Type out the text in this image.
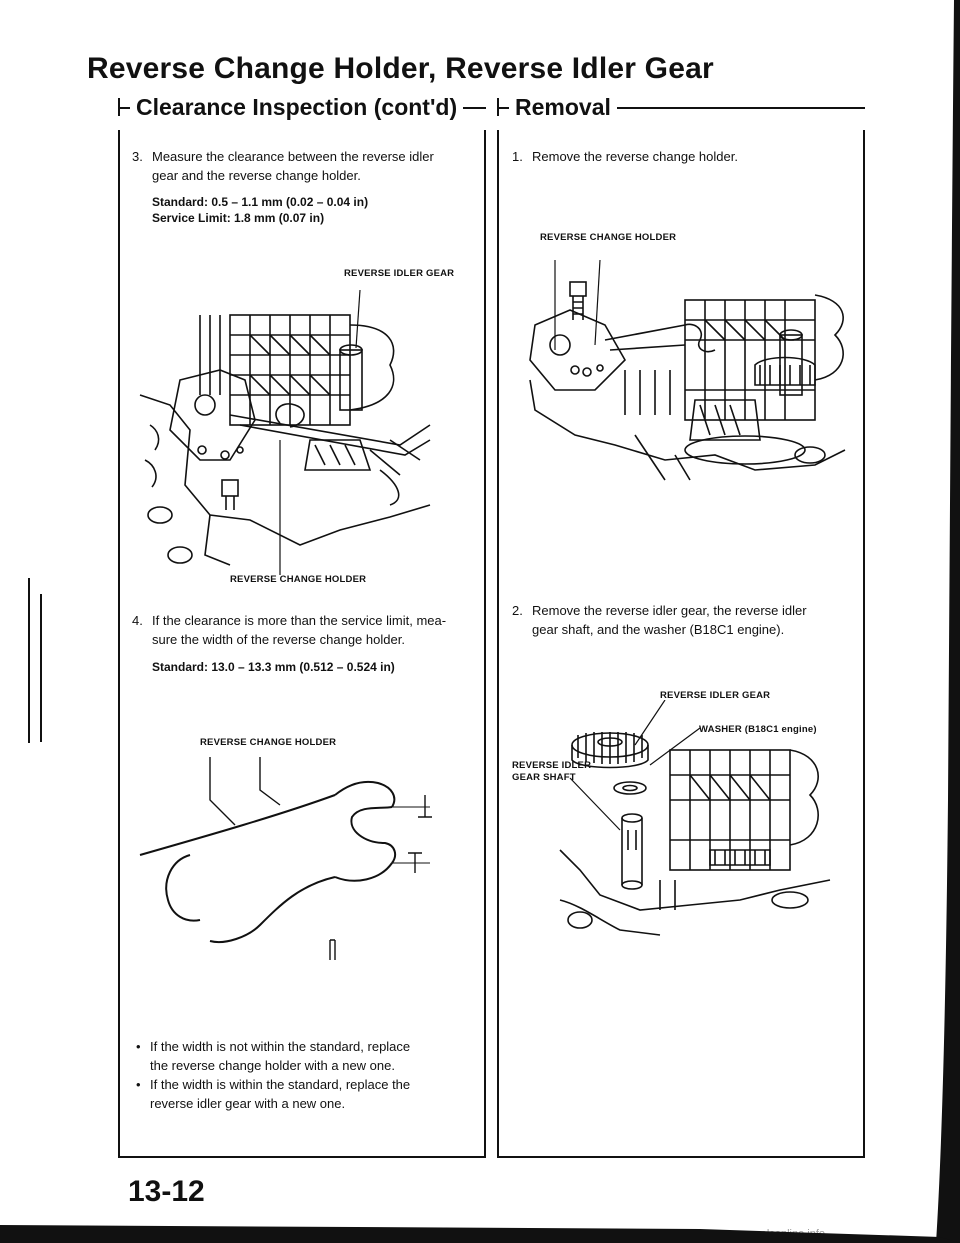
Reverse Change Holder, Reverse Idler Gear
Clearance Inspection (cont'd)	Removal
3. Measure the clearance between the reverse idler
gear and the reverse change holder.
Standard: 0.5 – 1.1 mm (0.02 – 0.04 in)
Service Limit: 1.8 mm (0.07 in)
REVERSE IDLER GEAR
REVERSE CHANGE HOLDER
4. If the clearance is more than the service limit, mea-
sure the width of the reverse change holder.
Standard: 13.0 – 13.3 mm (0.512 – 0.524 in)
REVERSE CHANGE HOLDER
• If the width is not within the standard, replace
the reverse change holder with a new one.
• If the width is within the standard, replace the
reverse idler gear with a new one.
1. Remove the reverse change holder.
REVERSE CHANGE HOLDER
2. Remove the reverse idler gear, the reverse idler
gear shaft, and the washer (B18C1 engine).
REVERSE IDLER GEAR
WASHER (B18C1 engine)
REVERSE IDLER
GEAR SHAFT
13-12
